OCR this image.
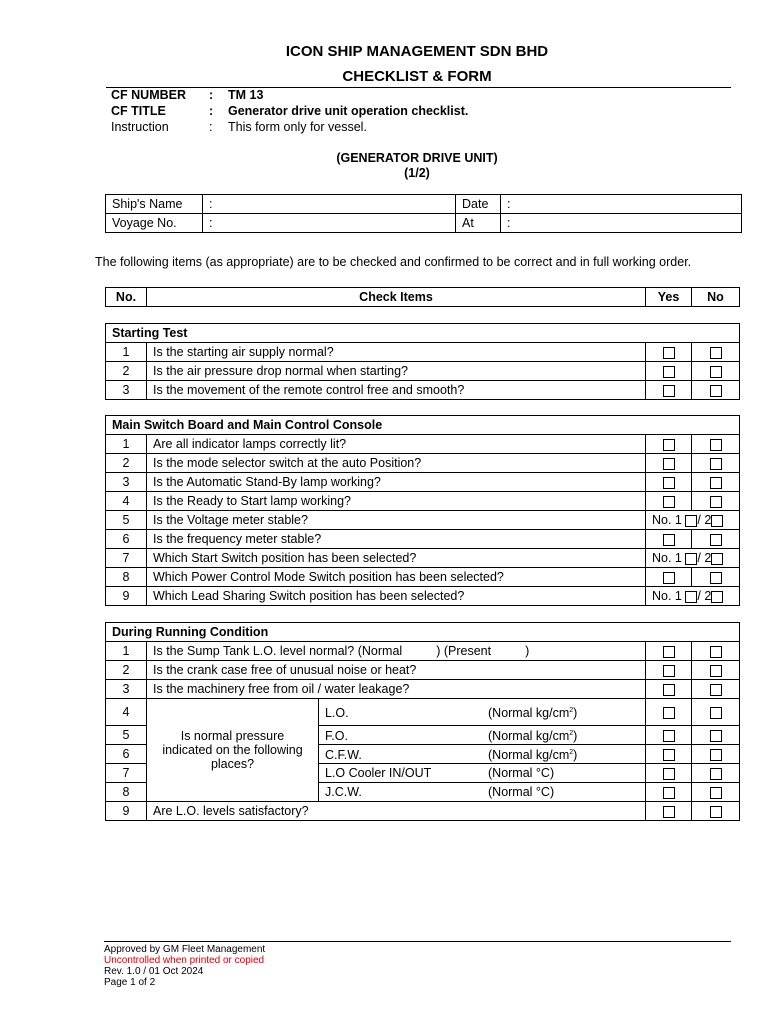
ICON SHIP MANAGEMENT SDN BHD
CHECKLIST & FORM
CF NUMBER	: TM 13
CF TITLE	: Generator drive unit operation checklist.
Instruction	: This form only for vessel.
(GENERATOR DRIVE UNIT)
(1/2)
Ship's Name	:	Date	:
Voyage No.	:	At	:
The following items (as appropriate) are to be checked and confirmed to be correct and in full working order.
No.	Check Items	Yes	No
Starting Test			
1	Is the starting air supply normal?		
2	Is the air pressure drop normal when starting?		
3	Is the movement of the remote control free and smooth?		
Main Switch Board and Main Control Console			
1	Are all indicator lamps correctly lit?		
2	Is the mode selector switch at the auto Position?		
3	Is the Automatic Stand-By lamp working?		
4	Is the Ready to Start lamp working?		
5	Is the Voltage meter stable?	No. 1 / 2	
6	Is the frequency meter stable?		
7	Which Start Switch position has been selected?	No. 1 / 2	
8	Which Power Control Mode Switch position has been selected?		
9	Which Lead Sharing Switch position has been selected?	No. 1 / 2	
During Running Condition				
1	Is the Sump Tank L.O. level normal? (Normal ) (Present )			
2	Is the crank case free of unusual noise or heat?			
3	Is the machinery free from oil / water leakage?			
4	Is normal pressure indicated on the following places?	L.O. (Normal $kg/cm^2$)		
5		F.O. (Normal $kg/cm^2$)		
6		C.F.W. (Normal $kg/cm^2$)		
7		L.O Cooler IN/OUT (Normal °C)		
8		J.C.W. (Normal °C)		
9	Are L.O. levels satisfactory?			
Approved by GM Fleet Management
Uncontrolled when printed or copied
Rev. 1.0 / 01 Oct 2024
Page 1 of 2
